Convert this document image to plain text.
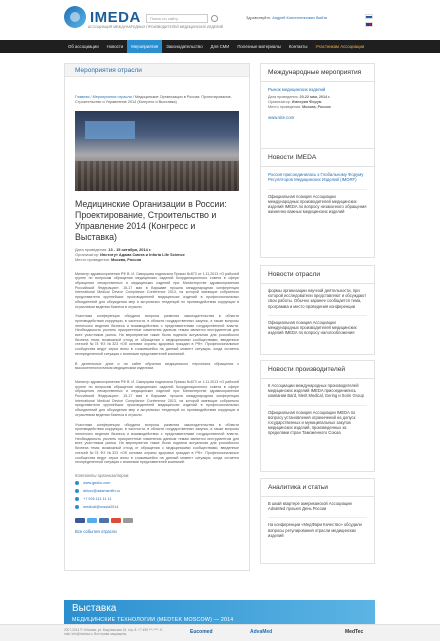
IMEDA
АССОЦИАЦИЯ МЕЖДУНАРОДНЫХ ПРОИЗВОДИТЕЛЕЙ МЕДИЦИНСКИХ ИЗДЕЛИЙ
Поиск по сайту	Здравствуйте, Андрей Константинович Выйти
Об ассоциации	Новости	Мероприятия	Законодательство	Для СМИ	Полезные материалы	Контакты	Участникам Ассоциации
Мероприятия отрасли
Главная / Мероприятия отрасли / Медицинские Организации в России: Проектирование, Строительство и Управление 2014 (Конгресс и Выставка)
Медицинские Организации в России: Проектирование, Строительство и Управление 2014 (Конгресс и Выставка)
Дата проведения: 13 - 15 октября, 2014 г.
Организатор: Институт Адама Смита и Inforia Life Science
Место проведения: Москва, Россия
Министр здравоохранения РФ В. И. Скворцова подписала Приказ №873 от 1.11.2013 «О рабочей группе по вопросам обращения медицинских изделий Координационного совета в сфере обращения лекарственных и медицинских изделий при Министерстве здравоохранения Российской Федерации». 15-17 мая в Варшаве прошла международная конференция International Medical Device Compliance Conference 2013, на которой имеющие собранного представителя крупнейших производителей медицинских изделий в профессиональных объединений для обсуждения мер и актуальных тенденций по противодействию коррупции в отраслевом ведении бизнеса в отрасли.
Участники конференции обсудили вопросы развития законодательства в области противодействия коррупции, в частности, в области государственных закупок, а также вопросы этического ведения бизнеса и взаимодействия с представителями государственной власти. Необходимость усилить приоритетные изменения данным темам является инструментом для всех участников рынка. На мероприятии также была подняла актуальная для российского бизнеса тема: возможный отход от обращения с медицинскими сообществами, введенные статьей №74 ФЗ №323 «Об основах охраны здоровья граждан в РФ». Профессиональные сообщества ведут серьи воны в сложившейся на данный момент ситуации, когда остается неопределенной ситуация с влиятами представителей компаний.
В деятельных днях и на сайте обучения медицинского персонала обращения к высокотехнологичным медицинским изделиям.
Министр здравоохранения РФ В. И. Скворцова подписала Приказ №873 от 1.11.2013 «О рабочей группе по вопросам обращения медицинских изделий Координационного совета в сфере обращения лекарственных и медицинских изделий при Министерстве здравоохранения Российской Федерации». 15-17 мая в Варшаве прошла международная конференция International Medical Device Compliance Conference 2013, на которой имеющие собранного представителя крупнейших производителей медицинских изделий в профессиональных объединений для обсуждения мер и актуальных тенденций по противодействию коррупции в отраслевом ведении бизнеса в отрасли.
Участники конференции обсудили вопросы развития законодательства в области противодействия коррупции, в частности, в области государственных закупок, а также вопросы этического ведения бизнеса и взаимодействия с представителями государственной власти. Необходимость усилить приоритетные изменения данным темам является инструментом для всех участников рынка. На мероприятии также была подняла актуальная для российского бизнеса тема: возможный отход от обращения с медицинскими сообществами, введенные статьей №74 ФЗ №323 «Об основах охраны здоровья граждан в РФ». Профессиональные сообщества ведут серьи воны в сложившейся на данный момент ситуации, когда остается неопределенной ситуация с влиятами представителей компаний.
Контакты организаторов:
www.gesbc.com
ahkov@adamsmith.ru
+7 926 111 11 11
medical@russia2014
Все события отрасли
Международные мероприятия
Рынок медицинских изделий
Дата проведения: 20-22 мая, 2014 г.
Организатор: Империя Форум
Место проведения: Москва, Россия
www.site.com
Новости IMEDA
Россия присоединилась к Глобальному Форуму Регуляторов Медицинских Изделий (IMDRF)
Официальная позиция Ассоциации международных производителей медицинских изделий IMEDA по вопросу незаконного обращения жизненно важных медицинских изделий
Новости отрасли
формы организации научной деятельности, при которой исследователи представляют и обсуждают свои работы. Обычно заранее сообщается тема, программа и место проведения конференции
Официальная позиция Ассоциации международных производителей медицинских изделий IMEDA по вопросу налогообложения
Новости производителей
К Ассоциации международных производителей медицинских изделий IMEDA присоединились компании Bard, Merit Medical, Gering и Sorin Group
Официальная позиция Ассоциации IMEDA по вопросу установления ограничений на допуск государственных и муниципальных закупок медицинских изделий, произведенных за пределами стран Таможенного Союза
Аналитика и статьи
В шкай квартере американской Ассоциации AdvaMed прошел День России
На конференции «МедФарм Качество» обсудили вопросы регулирования отрасли медицинских изделий
Выставка
МЕДИЦИНСКИЕ ТЕХНОЛОГИИ (MEDTEK MOSCOW) — 2014
2007-2014 © «Москва, ул. Бакунинская 16, стр. 8. +7 495 ***-****. E-mail: info@imeda.ru. Все права защищены.	Eucomed	AdvaMed	MedTec
